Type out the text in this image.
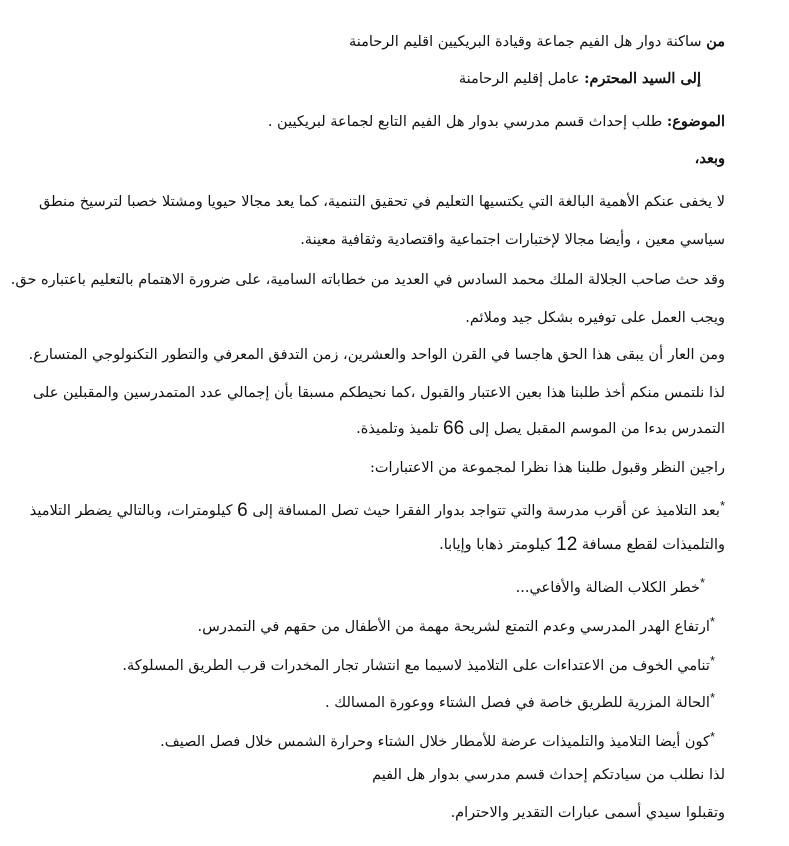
من ساكنة دوار هل الفيم جماعة وقيادة البريكيين اقليم الرحامنة
إلى السيد المحترم: عامل إقليم الرحامنة
الموضوع: طلب إحداث قسم مدرسي بدوار هل الفيم التابع لجماعة لبريكيين .
وبعد،
لا يخفى عنكم الأهمية البالغة التي يكتسيها التعليم في تحقيق التنمية، كما يعد مجالا حيويا ومشتلا خصبا لترسيخ منطق
سياسي معين ، وأيضا مجالا لإختبارات اجتماعية واقتصادية وثقافية معينة.
وقد حث صاحب الجلالة الملك محمد السادس في العديد من خطاباته السامية، على ضرورة الاهتمام بالتعليم باعتباره حق.
ويجب العمل على توفيره بشكل جيد وملائم.
ومن العار أن يبقى هذا الحق هاجسا في القرن الواحد والعشرين، زمن التدفق المعرفي والتطور التكنولوجي المتسارع.
لذا نلتمس منكم أخذ طلبنا هذا بعين الاعتبار والقبول ،كما نحيطكم مسبقا بأن إجمالي عدد المتمدرسين والمقبلين على
التمدرس بدءا من الموسم المقبل يصل إلى 66 تلميذ وتلميذة.
راجين النظر وقبول طلبنا هذا نظرا لمجموعة من الاعتبارات:
*بعد التلاميذ عن أقرب مدرسة والتي تتواجد بدوار الفقرا حيث تصل المسافة إلى 6 كيلومترات، وبالتالي يضطر التلاميذ
والتلميذات لقطع مسافة 12 كيلومتر ذهابا وإيابا.
*خطر الكلاب الضالة والأفاعي...
*ارتفاع الهدر المدرسي وعدم التمتع لشريحة مهمة من الأطفال من حقهم في التمدرس.
*تنامي الخوف من الاعتداءات على التلاميذ لاسيما مع انتشار تجار المخدرات قرب الطريق المسلوكة.
*الحالة المزرية للطريق خاصة في فصل الشتاء ووعورة المسالك .
*كون أيضا التلاميذ والتلميذات عرضة للأمطار خلال الشتاء وحرارة الشمس خلال فصل الصيف.
لذا نطلب من سيادتكم إحداث قسم مدرسي بدوار هل الفيم
وتقبلوا سيدي أسمى عبارات التقدير والاحترام.
